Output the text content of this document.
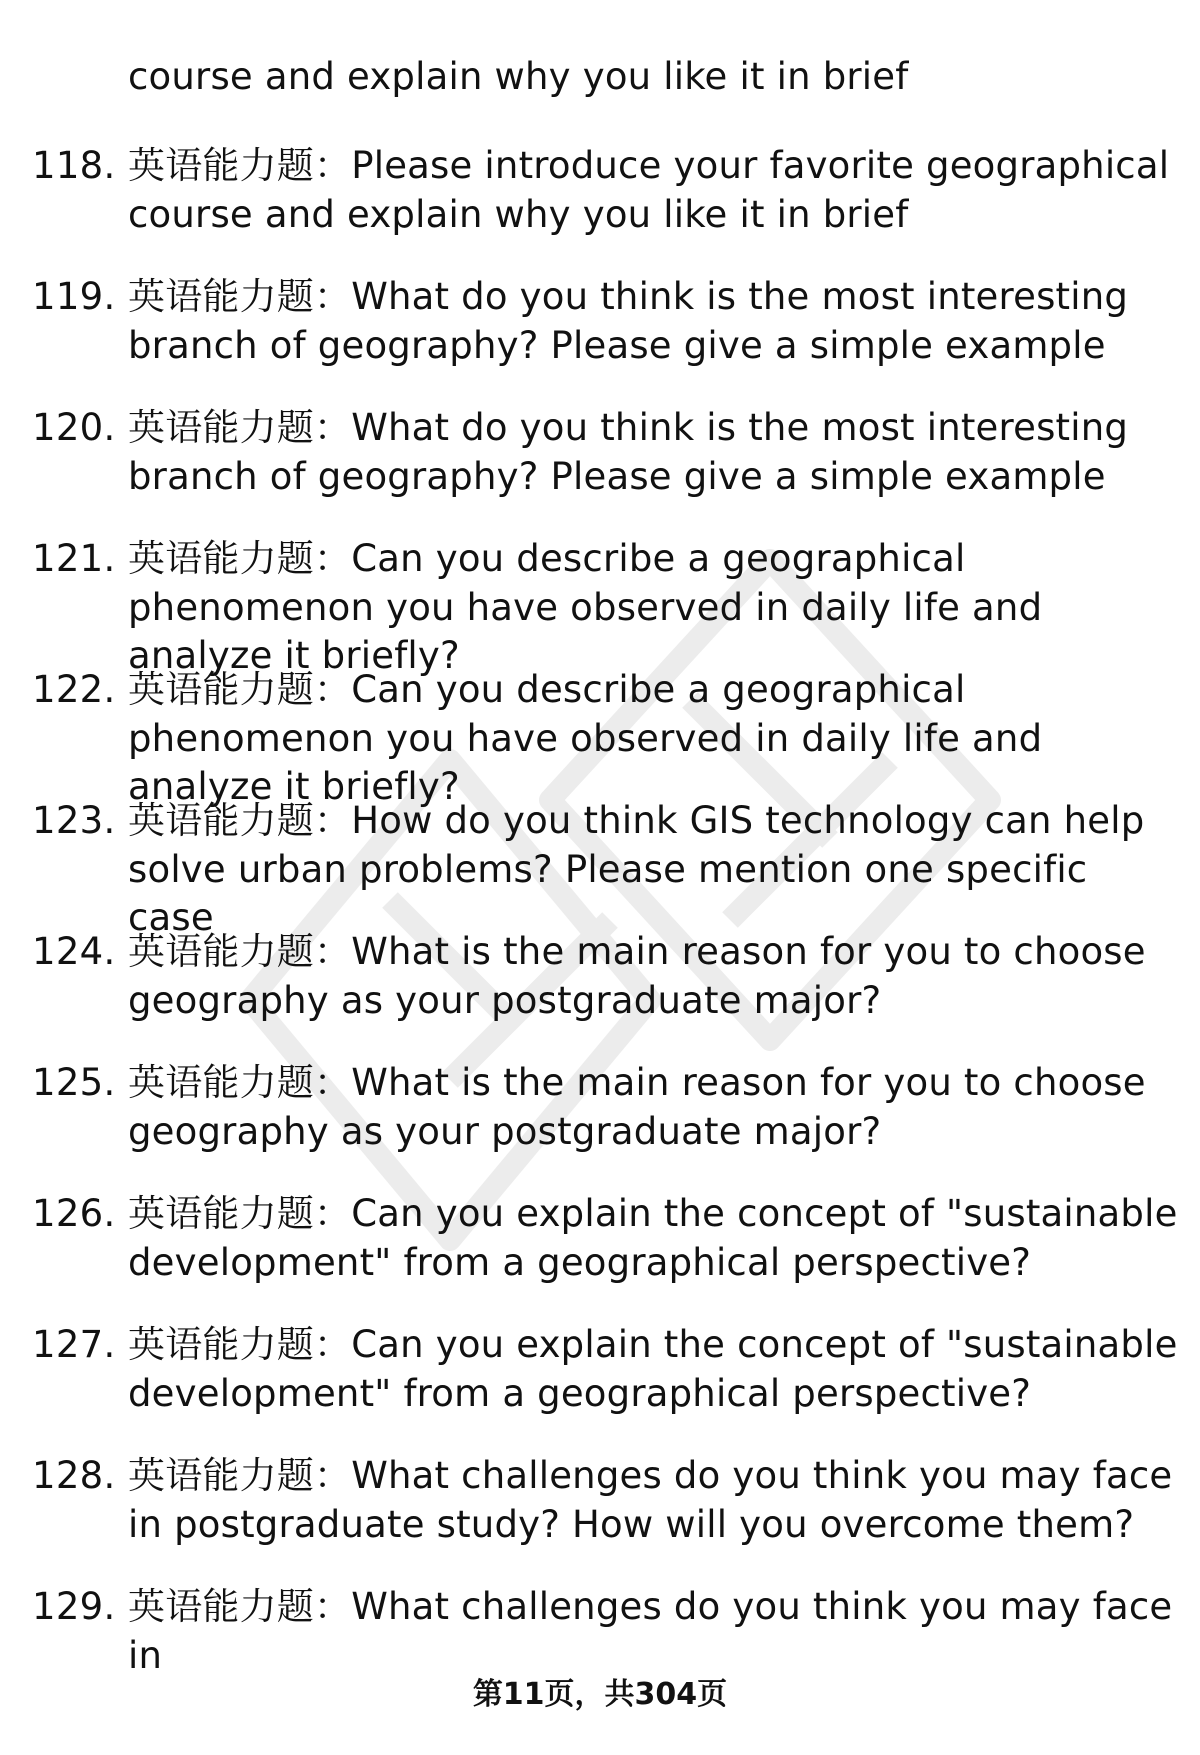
course and explain why you like it in brief
118. 英语能力题：Please introduce your favorite geographical course and explain why you like it in brief
119. 英语能力题：What do you think is the most interesting branch of geography? Please give a simple example
120. 英语能力题：What do you think is the most interesting branch of geography? Please give a simple example
121. 英语能力题：Can you describe a geographical phenomenon you have observed in daily life and analyze it briefly?
122. 英语能力题：Can you describe a geographical phenomenon you have observed in daily life and analyze it briefly?
123. 英语能力题：How do you think GIS technology can help solve urban problems? Please mention one specific case
124. 英语能力题：What is the main reason for you to choose geography as your postgraduate major?
125. 英语能力题：What is the main reason for you to choose geography as your postgraduate major?
126. 英语能力题：Can you explain the concept of "sustainable development" from a geographical perspective?
127. 英语能力题：Can you explain the concept of "sustainable development" from a geographical perspective?
128. 英语能力题：What challenges do you think you may face in postgraduate study? How will you overcome them?
129. 英语能力题：What challenges do you think you may face in
第11页，共304页
